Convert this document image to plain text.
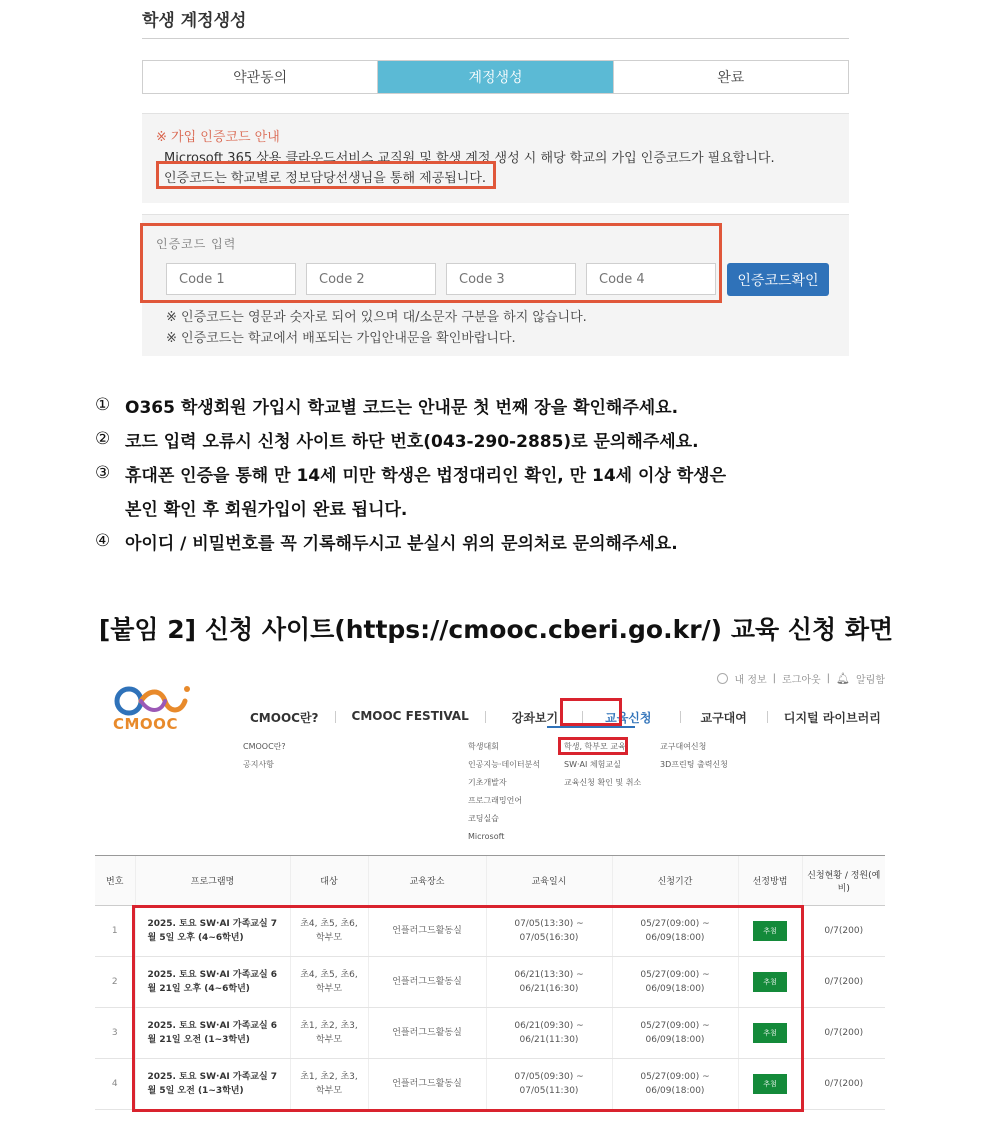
학생 계정생성
약관동의	계정생성	완료
※ 가입 인증코드 안내
Microsoft 365 상용 클라우드서비스 교직원 및 학생 계정 생성 시 해당 학교의 가입 인증코드가 필요합니다.
인증코드는 학교별로 정보담당선생님을 통해 제공됩니다.
인증코드 입력
Code 1
Code 2
Code 3
Code 4
인증코드확인
※ 인증코드는 영문과 숫자로 되어 있으며 대/소문자 구분을 하지 않습니다.
※ 인증코드는 학교에서 배포되는 가입안내문을 확인바랍니다.
① O365 학생회원 가입시 학교별 코드는 안내문 첫 번째 장을 확인해주세요.
② 코드 입력 오류시 신청 사이트 하단 번호(043-290-2885)로 문의해주세요.
③ 휴대폰 인증을 통해 만 14세 미만 학생은 법정대리인 확인, 만 14세 이상 학생은
본인 확인 후 회원가입이 완료 됩니다.
④ 아이디 / 비밀번호를 꼭 기록해두시고 분실시 위의 문의처로 문의해주세요.
[붙임 2] 신청 사이트(https://cmooc.cberi.go.kr/) 교육 신청 화면
내 정보 | 로그아웃 | 🔔︎ 알림함
CMOOC	CMOOC란?	CMOOC FESTIVAL	강좌보기	교육신청	교구대여	디지털 라이브러리
CMOOC란?
공지사항
학생대회
인공지능·데이터분석
기초개발자
프로그래밍언어
코딩실습
Microsoft
학생, 학부모 교육
SW·AI 체험교실
교육신청 확인 및 취소
교구대여신청
3D프린팅 출력신청
번호	프로그램명	대상	교육장소	교육일시	신청기간	선정방법	신청현황 / 정원(예비)
1	2025. 토요 SW·AI 가족교실 7월 5일 오후 (4~6학년)	초4, 초5, 초6, 학부모	언플러그드활동실	07/05(13:30) ~ 07/05(16:30)	05/27(09:00) ~ 06/09(18:00)	추첨	0/7(200)
2	2025. 토요 SW·AI 가족교실 6월 21일 오후 (4~6학년)	초4, 초5, 초6, 학부모	언플러그드활동실	06/21(13:30) ~ 06/21(16:30)	05/27(09:00) ~ 06/09(18:00)	추첨	0/7(200)
3	2025. 토요 SW·AI 가족교실 6월 21일 오전 (1~3학년)	초1, 초2, 초3, 학부모	언플러그드활동실	06/21(09:30) ~ 06/21(11:30)	05/27(09:00) ~ 06/09(18:00)	추첨	0/7(200)
4	2025. 토요 SW·AI 가족교실 7월 5일 오전 (1~3학년)	초1, 초2, 초3, 학부모	언플러그드활동실	07/05(09:30) ~ 07/05(11:30)	05/27(09:00) ~ 06/09(18:00)	추첨	0/7(200)
